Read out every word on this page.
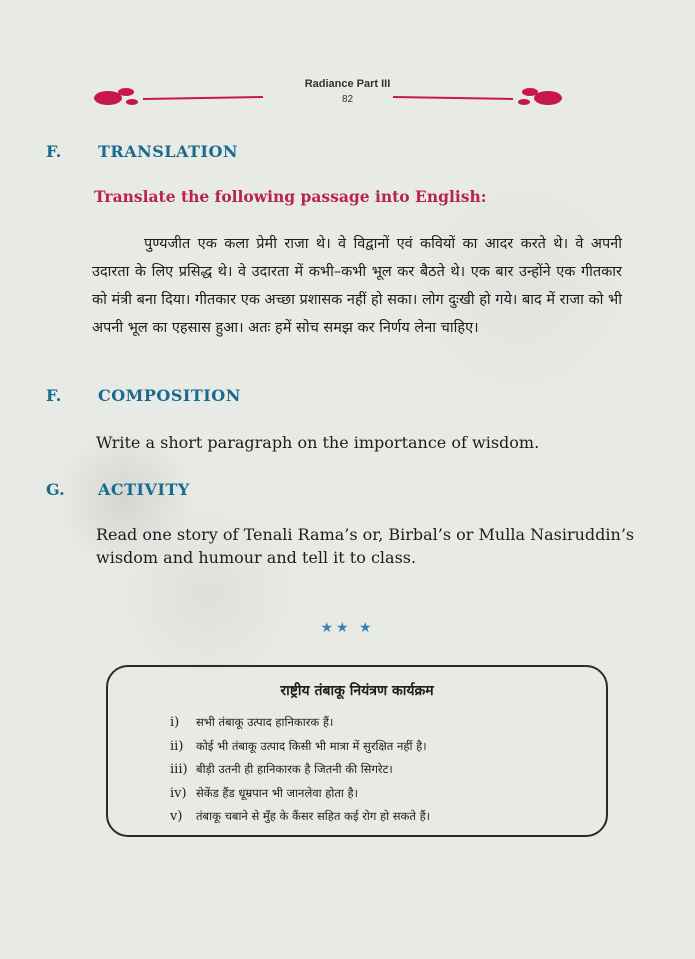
Radiance Part III
82
F. TRANSLATION
Translate the following passage into English:

पुण्यजीत एक कला प्रेमी राजा थे। वे विद्वानों एवं कवियों का आदर करते थे। वे अपनी उदारता के लिए प्रसिद्ध थे। वे उदारता में कभी–कभी भूल कर बैठते थे। एक बार उन्होंने एक गीतकार को मंत्री बना दिया। गीतकार एक अच्छा प्रशासक नहीं हो सका। लोग दुःखी हो गये। बाद में राजा को भी अपनी भूल का एहसास हुआ। अतः हमें सोच समझ कर निर्णय लेना चाहिए।

F. COMPOSITION
Write a short paragraph on the importance of wisdom.
G. ACTIVITY
Read one story of Tenali Rama’s or, Birbal’s or Mulla Nasiruddin’s
wisdom and humour and tell it to class.
★★ ★
राष्ट्रीय तंबाकू नियंत्रण कार्यक्रम
i) सभी तंबाकू उत्पाद हानिकारक हैं।
ii) कोई भी तंबाकू उत्पाद किसी भी मात्रा में सुरक्षित नहीं है।
iii) बीड़ी उतनी ही हानिकारक है जितनी की सिगरेट।
iv) सेकेंड हैंड धूम्रपान भी जानलेवा होता है।
v) तंबाकू चबाने से मुँह के कैंसर सहित कई रोग हो सकते हैं।
